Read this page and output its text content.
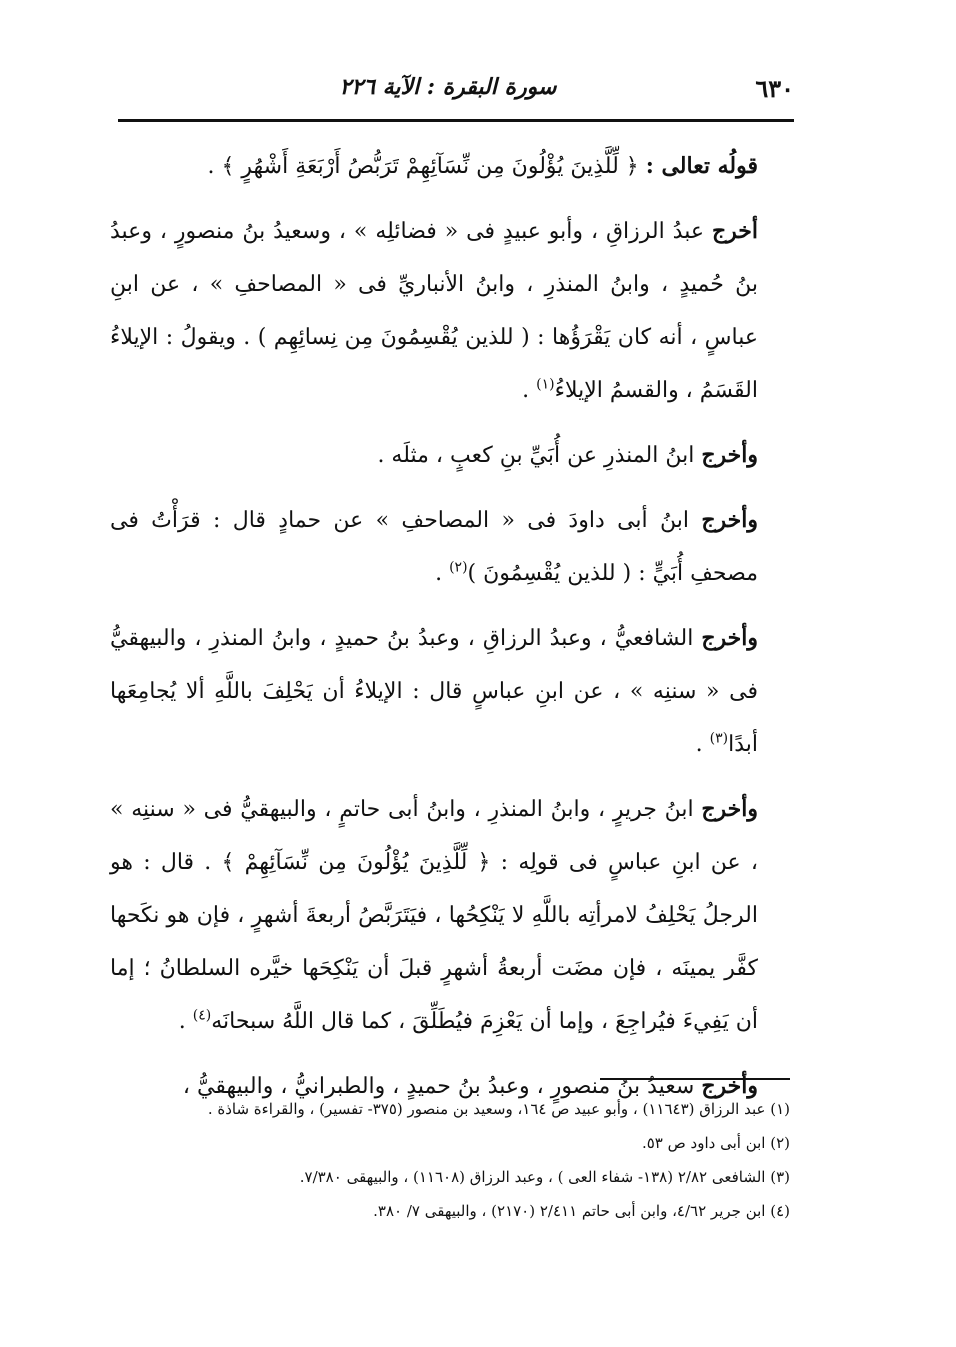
٦٣٠
سورة البقرة : الآية ٢٢٦

قولُه تعالى : ﴿ لِّلَّذِينَ يُؤْلُونَ مِن نِّسَآئِهِمْ تَرَبُّصُ أَرْبَعَةِ أَشْهُرٍ ﴾ .

أخرج عبدُ الرزاقِ ، وأبو عبيدٍ فى « فضائلِه » ، وسعيدُ بنُ منصورٍ ، وعبدُ بنُ حُميدٍ ، وابنُ المنذرِ ، وابنُ الأنباريِّ فى « المصاحفِ » ، عن ابنِ عباسٍ ، أنه كان يَقْرَؤُها : ( للذين يُقْسِمُونَ مِن نِسائِهِم ) . ويقولُ : الإيلاءُ القَسَمُ ، والقسمُ الإيلاءُ$^{(١)}$ .

وأخرج ابنُ المنذرِ عن أُبَيِّ بنِ كعبٍ ، مثلَه .

وأخرج ابنُ أبى داودَ فى « المصاحفِ » عن حمادٍ قال : قرَأْتُ فى مصحفِ أُبَيٍّ : ( للذين يُقْسِمُونَ )$^{(٢)}$ .

وأخرج الشافعيُّ ، وعبدُ الرزاقِ ، وعبدُ بنُ حميدٍ ، وابنُ المنذرِ ، والبيهقيُّ فى « سننِه » ، عن ابنِ عباسٍ قال : الإيلاءُ أن يَحْلِفَ باللَّهِ ألا يُجامِعَها أبدًا$^{(٣)}$ .

وأخرج ابنُ جريرٍ ، وابنُ المنذرِ ، وابنُ أبى حاتمٍ ، والبيهقيُّ فى « سننِه » ، عن ابنِ عباسٍ فى قولِه : ﴿ لِّلَّذِينَ يُؤْلُونَ مِن نِّسَآئِهِمْ ﴾ . قال : هو الرجلُ يَحْلِفُ لامرأتِه باللَّهِ لا يَنْكِحُها ، فيَتَرَبَّصُ أربعةَ أشهرٍ ، فإن هو نكَحها كفَّر يمينَه ، فإن مضَت أربعةُ أشهرٍ قبلَ أن يَنْكِحَها خيَّره السلطانُ ؛ إما أن يَفِيءَ فيُراجِعَ ، وإما أن يَعْزِمَ فيُطَلِّقَ ، كما قال اللَّهُ سبحانَه$^{(٤)}$ .

وأخرج سعيدُ بنُ منصورٍ ، وعبدُ بنُ حميدٍ ، والطبرانيُّ ، والبيهقيُّ ،

(١) عبد الرزاق (١١٦٤٣) ، وأبو عبيد ص ١٦٤، وسعيد بن منصور (٣٧٥- تفسير) ، والقراءة شاذة .
(٢) ابن أبى داود ص ٥٣.
(٣) الشافعى ٢/٨٢ (١٣٨- شفاء العى ) ، وعبد الرزاق (١١٦٠٨) ، والبيهقى ٧/٣٨٠.
(٤) ابن جرير ٤/٦٢، وابن أبى حاتم ٢/٤١١ (٢١٧٠) ، والبيهقى ٧/ ٣٨٠.
